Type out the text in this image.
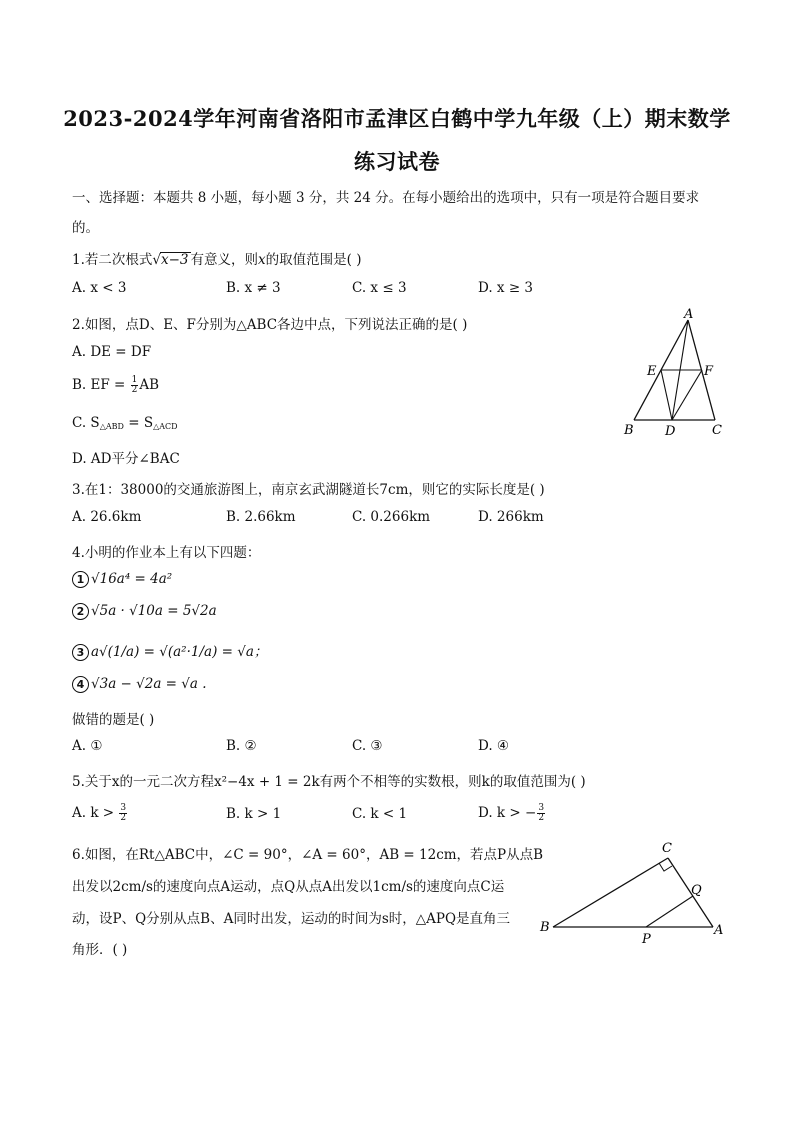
2023-2024学年河南省洛阳市孟津区白鹤中学九年级（上）期末数学
练习试卷
一、选择题：本题共 8 小题，每小题 3 分，共 24 分。在每小题给出的选项中，只有一项是符合题目要求
的。
1.若二次根式√x−3 有意义，则x的取值范围是( )
A. x < 3	B. x ≠ 3	C. x ≤ 3	D. x ≥ 3
2.如图，点D、E、F分别为△ABC各边中点，下列说法正确的是( )
A. DE = DF
B. EF = $\frac{1}{2}$ AB
C. $S_{\triangle ABD} = S_{\triangle ACD}$
D. AD平分∠BAC
A
B	C
D
E	F
3.在1：38000的交通旅游图上，南京玄武湖隧道长7cm，则它的实际长度是( )
A. 26.6km	B. 2.66km	C. 0.266km	D. 266km
4.小明的作业本上有以下四题：
1 √16a⁴ = 4a²
2 √5a · √10a = 5√2a
3 a√(1/a) = √(a²·1/a) = √a；
4 √3a − √2a = √a .
做错的题是( )
A. ①	B. ②	C. ③	D. ④
5.关于x的一元二次方程x²−4x + 1 = 2k有两个不相等的实数根，则k的取值范围为( )
A. $k > \frac{3}{2}$	B. k > 1	C. k < 1	D. k > − $\frac{3}{2}$
6.如图，在Rt△ABC中，∠C = 90°，∠A = 60°，AB = 12cm，若点P从点B
出发以2cm/s的速度向点A运动，点Q从点A出发以1cm/s的速度向点C运
动，设P、Q分别从点B、A同时出发，运动的时间为s时，△APQ是直角三
角形．( )
C
B	A
P
Q
